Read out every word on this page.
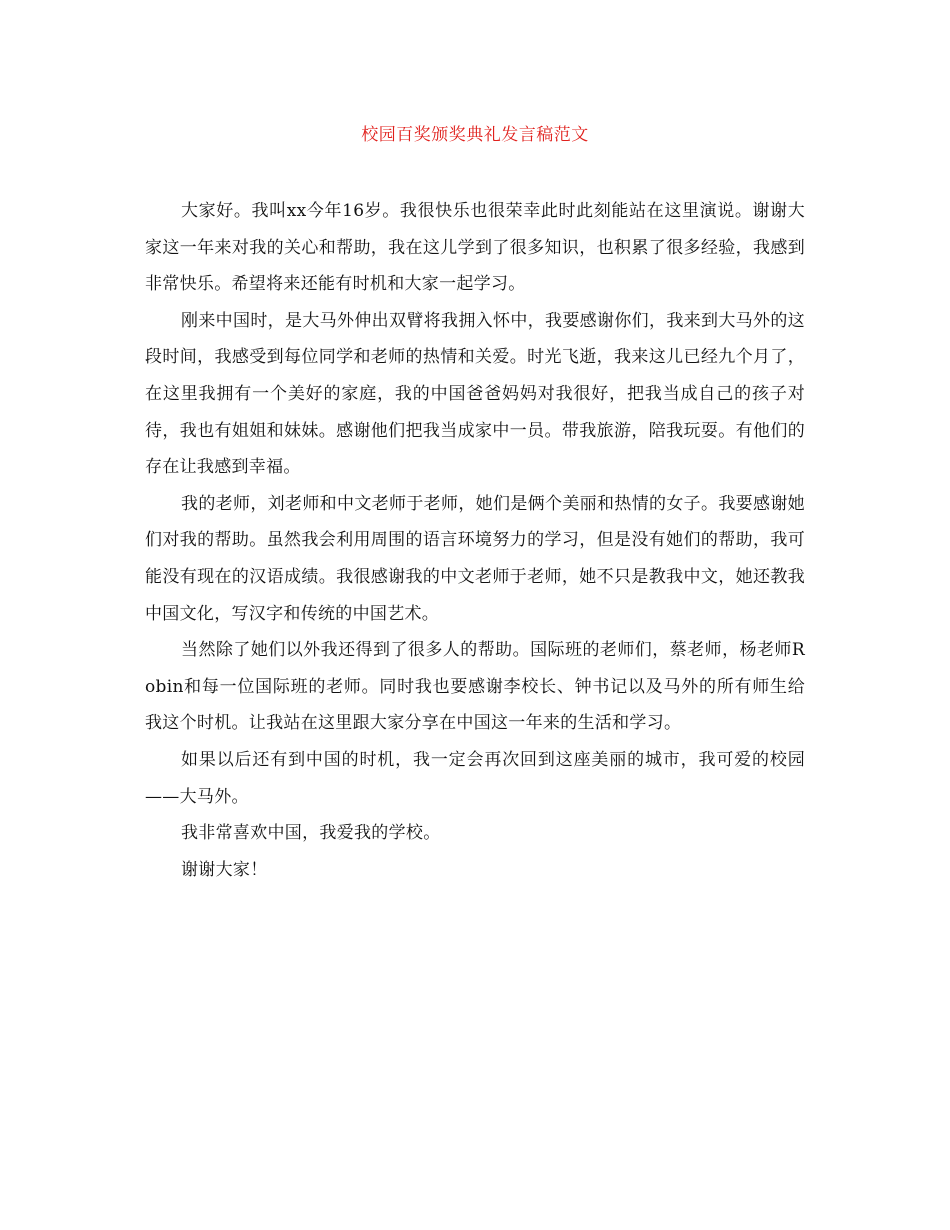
校园百奖颁奖典礼发言稿范文

大家好。我叫xx今年16岁。我很快乐也很荣幸此时此刻能站在这里演说。谢谢大家这一年来对我的关心和帮助，我在这儿学到了很多知识，也积累了很多经验，我感到非常快乐。希望将来还能有时机和大家一起学习。

刚来中国时，是大马外伸出双臂将我拥入怀中，我要感谢你们，我来到大马外的这段时间，我感受到每位同学和老师的热情和关爱。时光飞逝，我来这儿已经九个月了，在这里我拥有一个美好的家庭，我的中国爸爸妈妈对我很好，把我当成自己的孩子对待，我也有姐姐和妹妹。感谢他们把我当成家中一员。带我旅游，陪我玩耍。有他们的存在让我感到幸福。

我的老师，刘老师和中文老师于老师，她们是俩个美丽和热情的女子。我要感谢她们对我的帮助。虽然我会利用周围的语言环境努力的学习，但是没有她们的帮助，我可能没有现在的汉语成绩。我很感谢我的中文老师于老师，她不只是教我中文，她还教我中国文化，写汉字和传统的中国艺术。

当然除了她们以外我还得到了很多人的帮助。国际班的老师们，蔡老师，杨老师Robin和每一位国际班的老师。同时我也要感谢李校长、钟书记以及马外的所有师生给我这个时机。让我站在这里跟大家分享在中国这一年来的生活和学习。

如果以后还有到中国的时机，我一定会再次回到这座美丽的城市，我可爱的校园——大马外。

我非常喜欢中国，我爱我的学校。

谢谢大家！
